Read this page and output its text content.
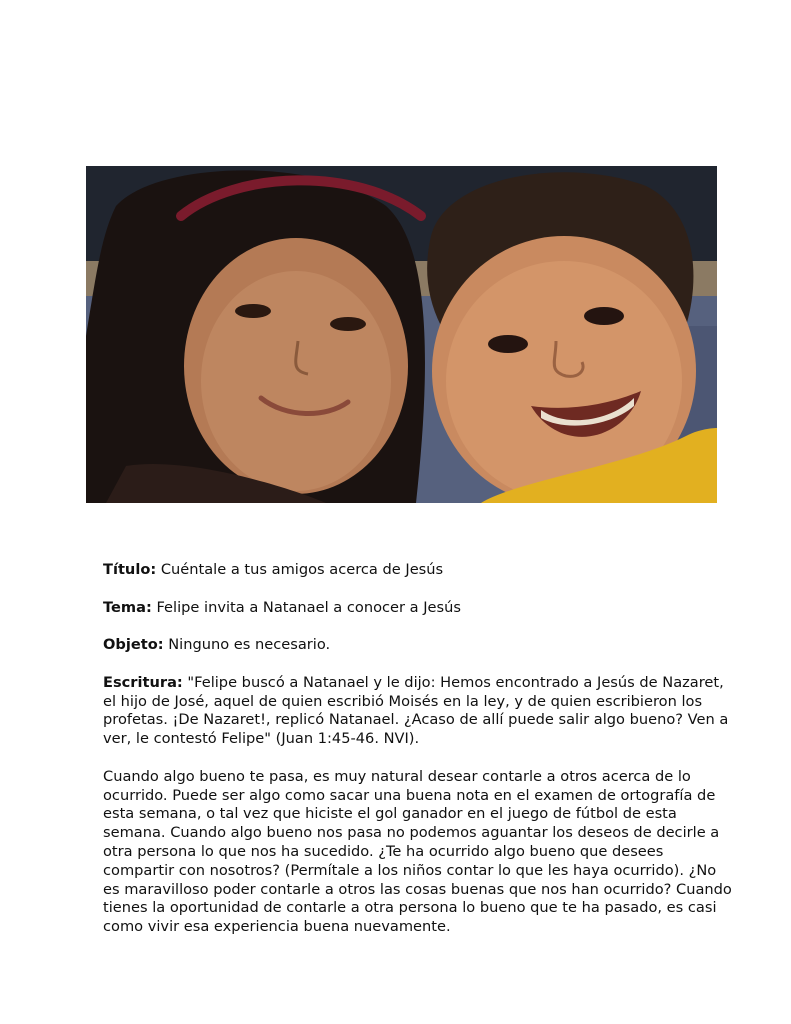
Título: Cuéntale a tus amigos acerca de Jesús
Tema: Felipe invita a Natanael a conocer a Jesús
Objeto: Ninguno es necesario.
Escritura: "Felipe buscó a Natanael y le dijo: Hemos encontrado a Jesús de Nazaret,
el hijo de José, aquel de quien escribió Moisés en la ley, y de quien escribieron los
profetas. ¡De Nazaret!, replicó Natanael. ¿Acaso de allí puede salir algo bueno? Ven a
ver, le contestó Felipe" (Juan 1:45-46. NVI).
Cuando algo bueno te pasa, es muy natural desear contarle a otros acerca de lo
ocurrido. Puede ser algo como sacar una buena nota en el examen de ortografía de
esta semana, o tal vez que hiciste el gol ganador en el juego de fútbol de esta
semana. Cuando algo bueno nos pasa no podemos aguantar los deseos de decirle a
otra persona lo que nos ha sucedido. ¿Te ha ocurrido algo bueno que desees
compartir con nosotros? (Permítale a los niños contar lo que les haya ocurrido). ¿No
es maravilloso poder contarle a otros las cosas buenas que nos han ocurrido? Cuando
tienes la oportunidad de contarle a otra persona lo bueno que te ha pasado, es casi
como vivir esa experiencia buena nuevamente.
